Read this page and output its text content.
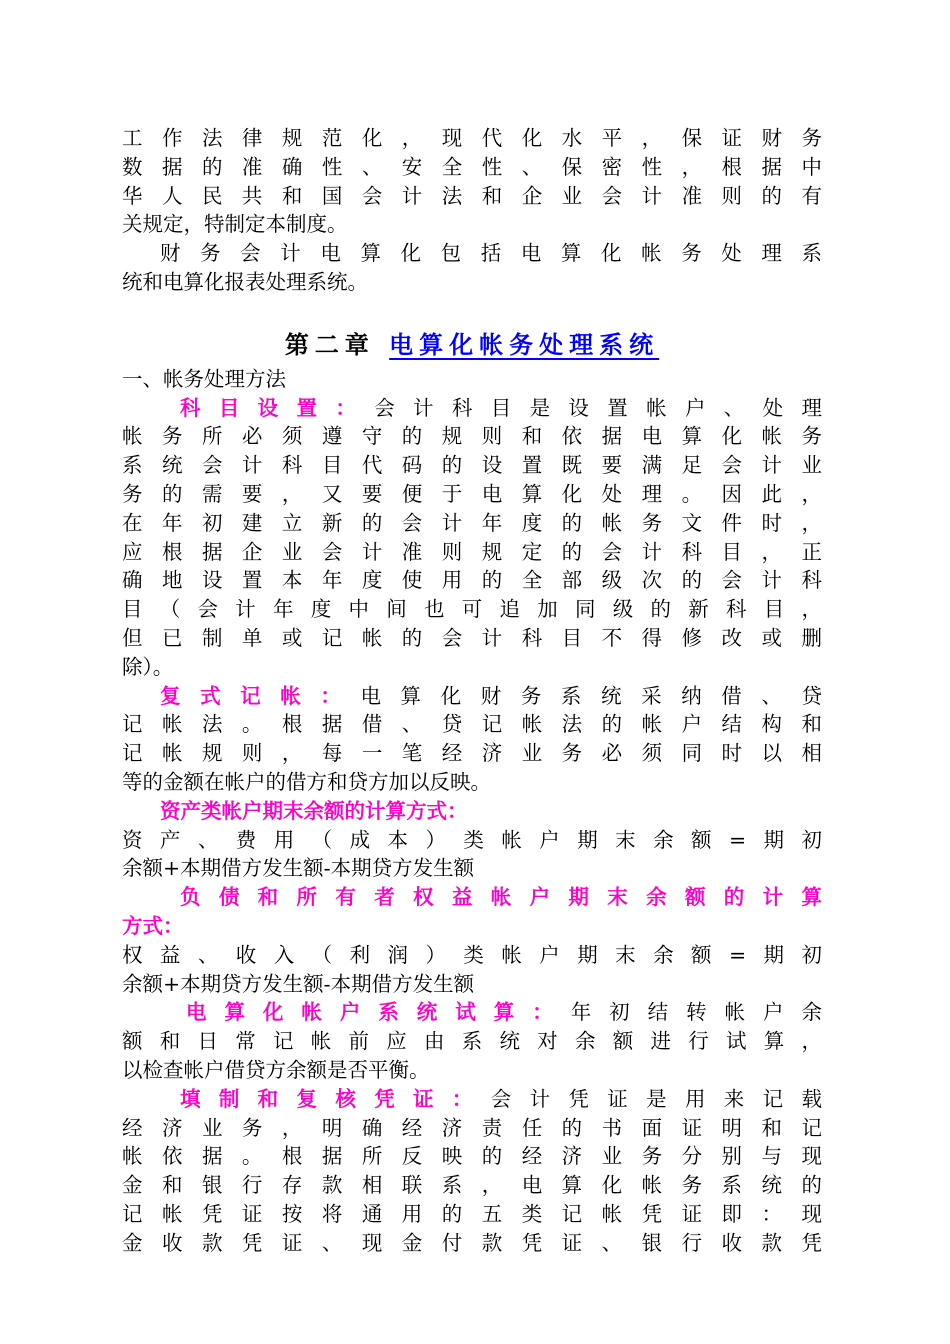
工作法律规范化，现代化水平，保证财务
数据的准确性、安全性、保密性，根据中
华人民共和国会计法和企业会计准则的有
关规定，特制定本制度。
财务会计电算化包括电算化帐务处理系
统和电算化报表处理系统。
第二章 电算化帐务处理系统
一、帐务处理方法
科目设置：会计科目是设置帐户、处理
帐务所必须遵守的规则和依据电算化帐务
系统会计科目代码的设置既要满足会计业
务的需要，又要便于电算化处理。因此，
在年初建立新的会计年度的帐务文件时，
应根据企业会计准则规定的会计科目，正
确地设置本年度使用的全部级次的会计科
目（会计年度中间也可追加同级的新科目，
但已制单或记帐的会计科目不得修改或删
除）。
复式记帐：电算化财务系统采纳借、贷
记帐法。根据借、贷记帐法的帐户结构和
记帐规则，每一笔经济业务必须同时以相
等的金额在帐户的借方和贷方加以反映。
资产类帐户期末余额的计算方式：
资产、费用（成本）类帐户期末余额=期初
余额+本期借方发生额-本期贷方发生额
负债和所有者权益帐户期末余额的计算
方式：
权益、收入（利润）类帐户期末余额=期初
余额+本期贷方发生额-本期借方发生额
电算化帐户系统试算：年初结转帐户余
额和日常记帐前应由系统对余额进行试算，
以检查帐户借贷方余额是否平衡。
填制和复核凭证：会计凭证是用来记载
经济业务，明确经济责任的书面证明和记
帐依据。根据所反映的经济业务分别与现
金和银行存款相联系，电算化帐务系统的
记帐凭证按将通用的五类记帐凭证即：现
金收款凭证、现金付款凭证、银行收款凭
